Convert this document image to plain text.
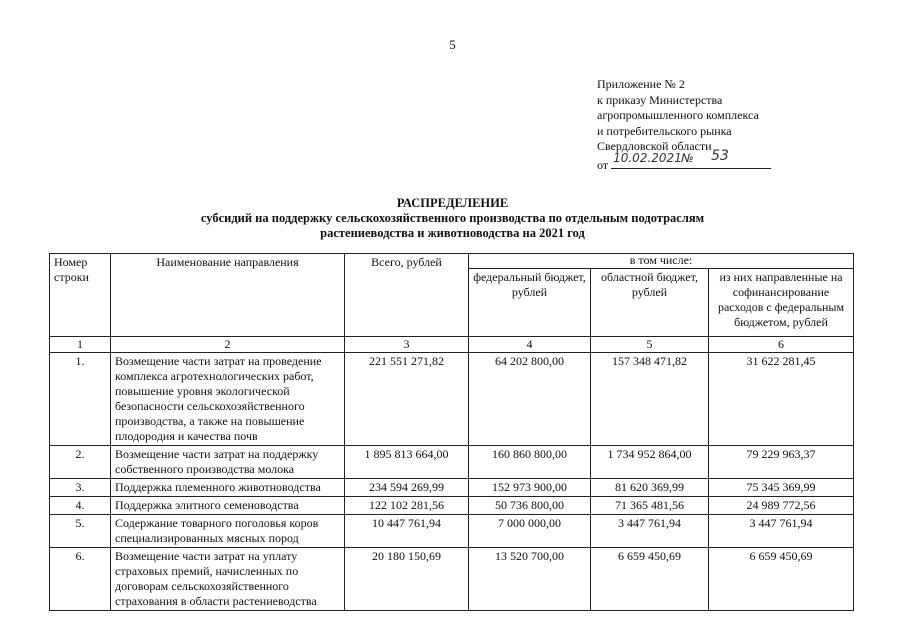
5
Приложение № 2
к приказу Министерства
агропромышленного комплекса
и потребительского рынка
Свердловской области
от 10.02.2021 № 53
РАСПРЕДЕЛЕНИЕ
субсидий на поддержку сельскохозяйственного производства по отдельным подотраслям
растениеводства и животноводства на 2021 год
Номер строки	Наименование направления	Всего, рублей	в том числе:		
			федеральный бюджет, рублей	областной бюджет, рублей	из них направленные на софинансирование расходов с федеральным бюджетом, рублей
1	2	3	4	5	6
1.	Возмещение части затрат на проведение комплекса агротехнологических работ, повышение уровня экологической безопасности сельскохозяйственного производства, а также на повышение плодородия и качества почв	221 551 271,82	64 202 800,00	157 348 471,82	31 622 281,45
2.	Возмещение части затрат на поддержку собственного производства молока	1 895 813 664,00	160 860 800,00	1 734 952 864,00	79 229 963,37
3.	Поддержка племенного животноводства	234 594 269,99	152 973 900,00	81 620 369,99	75 345 369,99
4.	Поддержка элитного семеноводства	122 102 281,56	50 736 800,00	71 365 481,56	24 989 772,56
5.	Содержание товарного поголовья коров специализированных мясных пород	10 447 761,94	7 000 000,00	3 447 761,94	3 447 761,94
6.	Возмещение части затрат на уплату страховых премий, начисленных по договорам сельскохозяйственного страхования в области растениеводства	20 180 150,69	13 520 700,00	6 659 450,69	6 659 450,69
